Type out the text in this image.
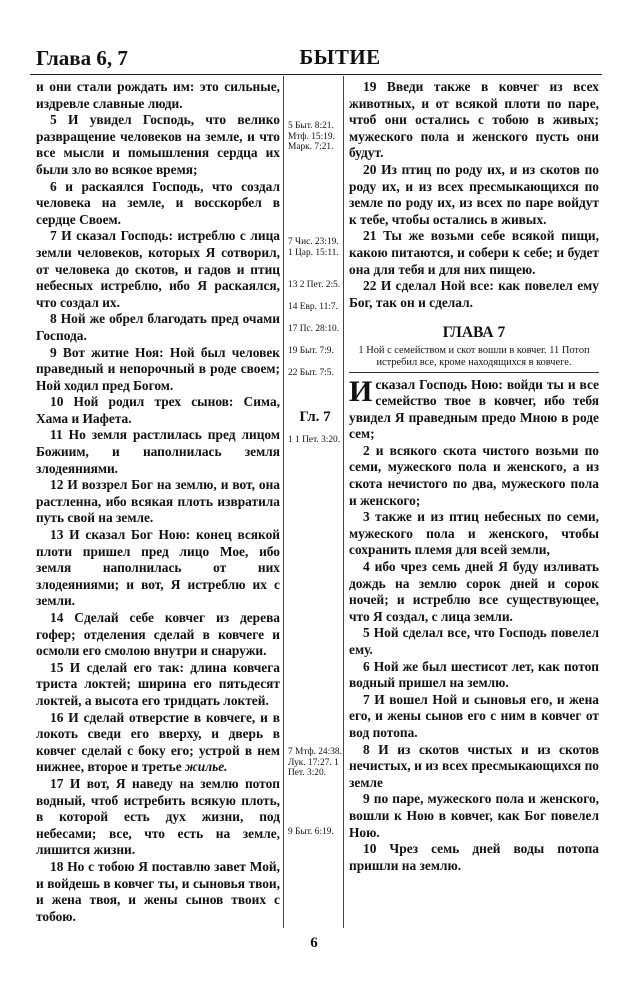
Глава 6, 7	БЫТИЕ

и они стали рождать им: это сильные, издревле славные люди.

5 И увидел Господь, что велико развращение человеков на земле, и что все мысли и помышления сердца их были зло во всякое время;

6 и раскаялся Господь, что создал человека на земле, и восскорбел в сердце Своем.

7 И сказал Господь: истреблю с лица земли человеков, которых Я сотворил, от человека до скотов, и гадов и птиц небесных истреблю, ибо Я раскаялся, что создал их.

8 Ной же обрел благодать пред очами Господа.

9 Вот житие Ноя: Ной был человек праведный и непорочный в роде своем; Ной ходил пред Богом.

10 Ной родил трех сынов: Сима, Хама и Иафета.

11 Но земля растлилась пред лицом Божиим, и наполнилась земля злодеяниями.

12 И воззрел Бог на землю, и вот, она растленна, ибо всякая плоть извратила путь свой на земле.

13 И сказал Бог Ною: конец всякой плоти пришел пред лицо Мое, ибо земля наполнилась от них злодеяниями; и вот, Я истреблю их с земли.

14 Сделай себе ковчег из дерева гофер; отделения сделай в ковчеге и осмоли его смолою внутри и снаружи.

15 И сделай его так: длина ковчега триста локтей; ширина его пятьдесят локтей, а высота его тридцать локтей.

16 И сделай отверстие в ковчеге, и в локоть сведи его вверху, и дверь в ковчег сделай с боку его; устрой в нем нижнее, второе и третье жилье.

17 И вот, Я наведу на землю потоп водный, чтоб истребить всякую плоть, в которой есть дух жизни, под небесами; все, что есть на земле, лишится жизни.

18 Но с тобою Я поставлю завет Мой, и войдешь в ковчег ты, и сыновья твои, и жена твоя, и жены сынов твоих с тобою.

5 Быт. 8:21. Мтф. 15:19. Марк. 7:21.
7 Чис. 23:19. 1 Цар. 15:11.
13 2 Пет. 2:5.
14 Евр. 11:7.
17 Пс. 28:10.
19 Быт. 7:9.
22 Быт. 7:5.
Гл. 7
1 1 Пет. 3:20.
7 Мтф. 24:38. Лук. 17:27. 1 Пет. 3:20.
9 Быт. 6:19.

19 Введи также в ковчег из всех животных, и от всякой плоти по паре, чтоб они остались с тобою в живых; мужеского пола и женского пусть они будут.

20 Из птиц по роду их, и из скотов по роду их, и из всех пресмыкающихся по земле по роду их, из всех по паре войдут к тебе, чтобы остались в живых.

21 Ты же возьми себе всякой пищи, какою питаются, и собери к себе; и будет она для тебя и для них пищею.

22 И сделал Ной все: как повелел ему Бог, так он и сделал.

ГЛАВА 7
1 Ной с семейством и скот вошли в ковчег. 11 Потоп истребил все, кроме находящихся в ковчеге.

Исказал Господь Ною: войди ты и все семейство твое в ковчег, ибо тебя увидел Я праведным предо Мною в роде сем;

2 и всякого скота чистого возьми по семи, мужеского пола и женского, а из скота нечистого по два, мужеского пола и женского;

3 также и из птиц небесных по семи, мужеского пола и женского, чтобы сохранить племя для всей земли,

4 ибо чрез семь дней Я буду изливать дождь на землю сорок дней и сорок ночей; и истреблю все существующее, что Я создал, с лица земли.

5 Ной сделал все, что Господь повелел ему.

6 Ной же был шестисот лет, как потоп водный пришел на землю.

7 И вошел Ной и сыновья его, и жена его, и жены сынов его с ним в ковчег от вод потопа.

8 И из скотов чистых и из скотов нечистых, и из всех пресмыкающихся по земле

9 по паре, мужеского пола и женского, вошли к Ною в ковчег, как Бог повелел Ною.

10 Чрез семь дней воды потопа пришли на землю.

6
